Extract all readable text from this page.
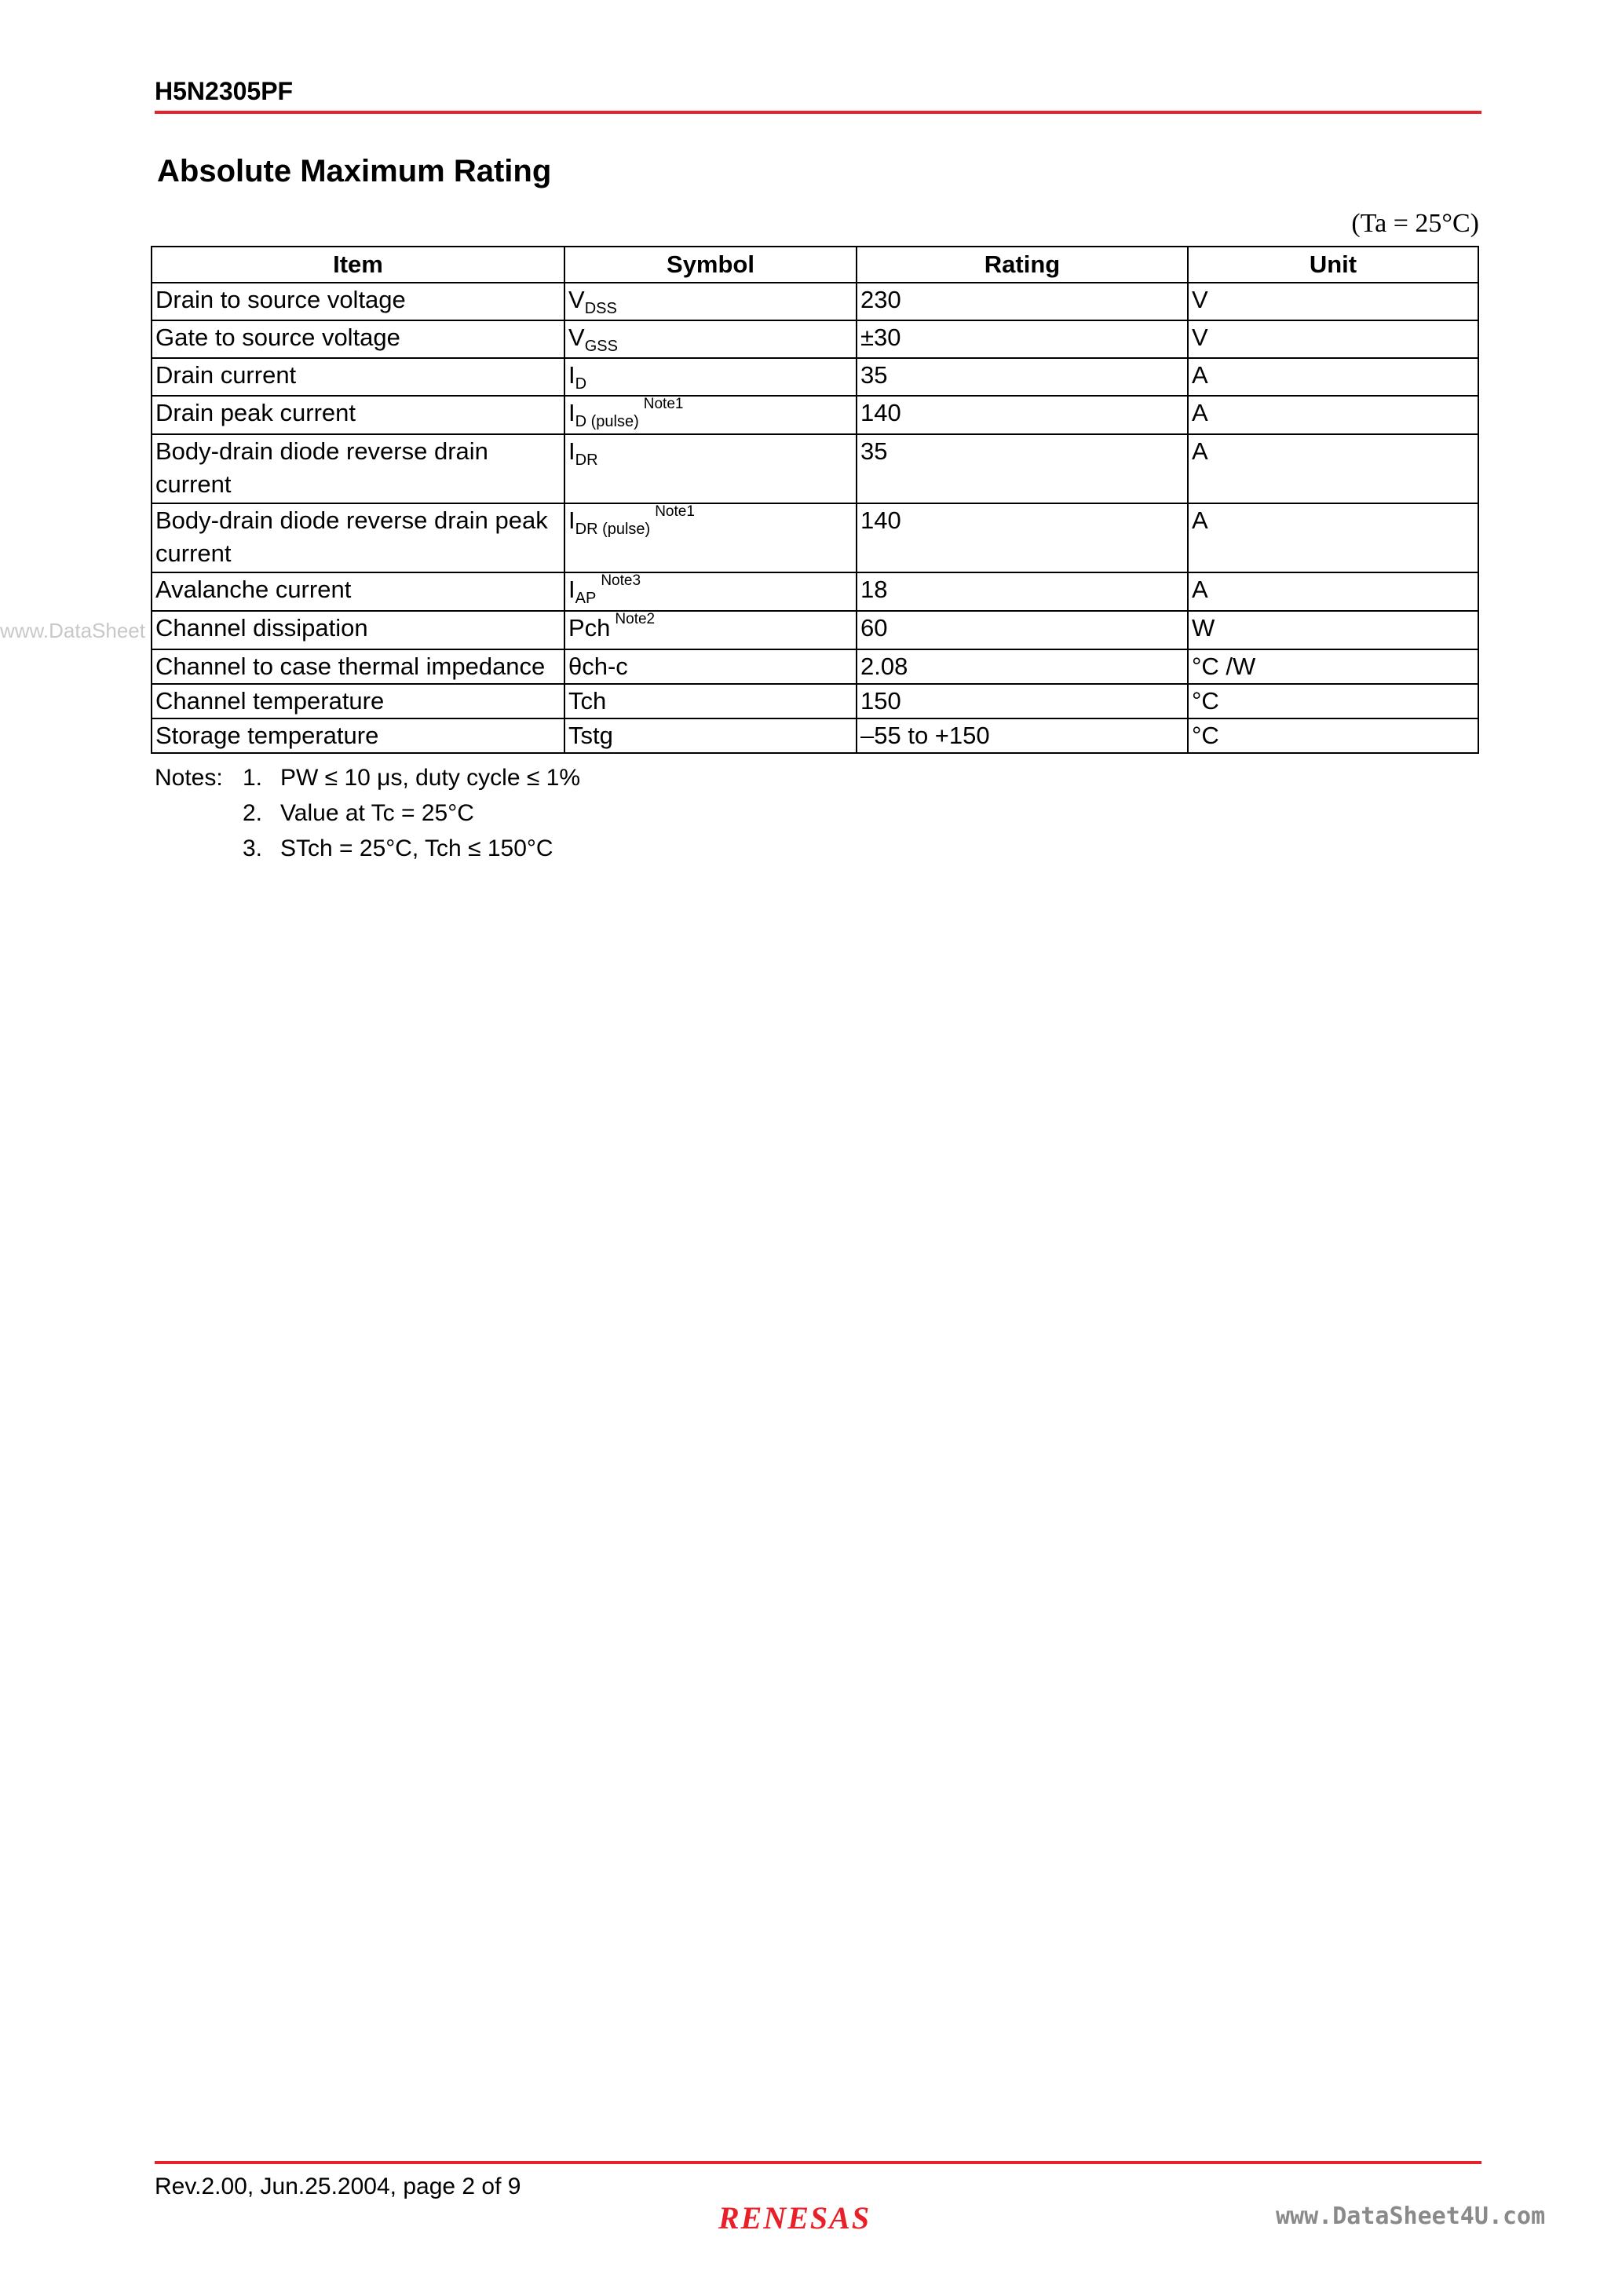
H5N2305PF
Absolute Maximum Rating
(Ta = 25°C)
Item	Symbol	Rating	Unit
Drain to source voltage	$V_{DSS}$	230	V
Gate to source voltage	$V_{GSS}$	±30	V
Drain current	$I_D$	35	A
Drain peak current	$I_{D (pulse)}^{Note1}$	140	A
Body-drain diode reverse drain current	$I_{DR}$	35	A
Body-drain diode reverse drain peak current	$I_{DR (pulse)}^{Note1}$	140	A
Avalanche current	$I_{AP}^{Note3}$	18	A
Channel dissipation	Pch $^{Note2}$	60	W
Channel to case thermal impedance	θch-c	2.08	°C /W
Channel temperature	Tch	150	°C
Storage temperature	Tstg	–55 to +150	°C
Notes: 1. PW ≤ 10 μs, duty cycle ≤ 1%
2. Value at Tc = 25°C
3. STch = 25°C, Tch ≤ 150°C
www.DataSheet
Rev.2.00, Jun.25.2004, page 2 of 9
RENESAS	www.DataSheet4U.com
